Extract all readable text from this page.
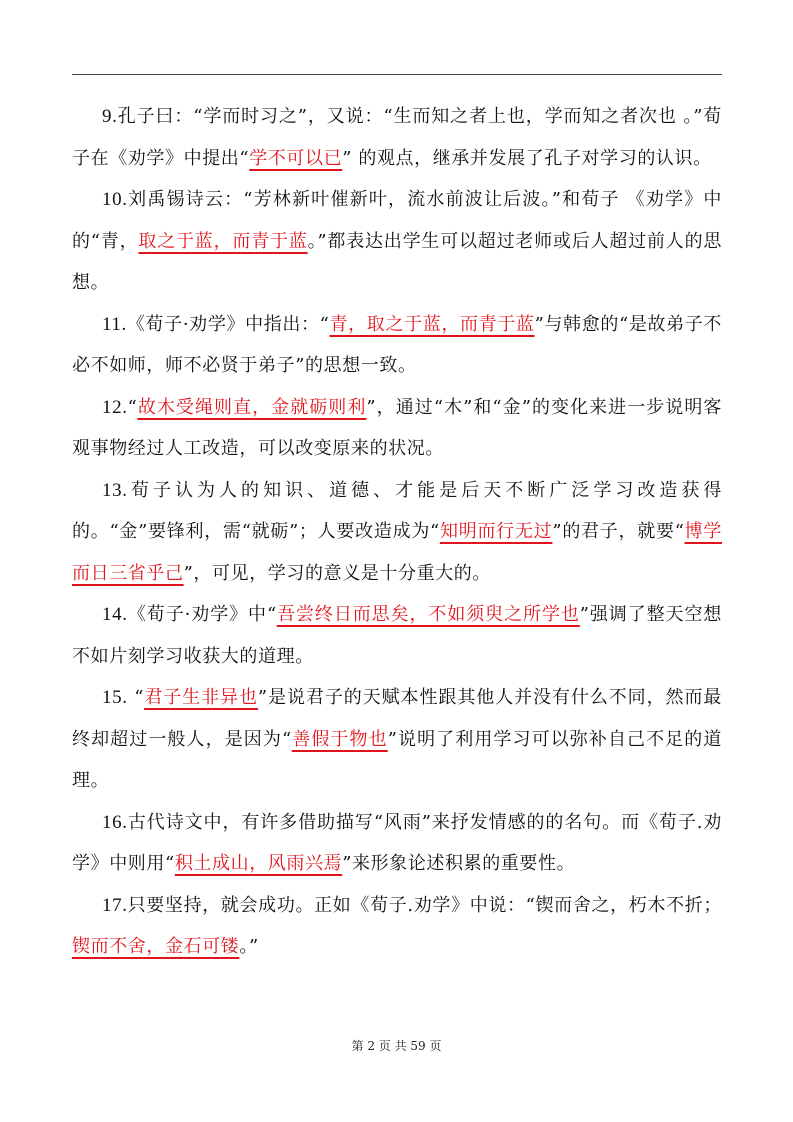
9.孔子曰：“学而时习之”，又说：“生而知之者上也，学而知之者次也 。”荀子在《劝学》中提出“学不可以已” 的观点，继承并发展了孔子对学习的认识。

10.刘禹锡诗云：“芳林新叶催新叶，流水前波让后波。”和荀子 《劝学》中的“青，取之于蓝，而青于蓝。”都表达出学生可以超过老师或后人超过前人的思想。

11.《荀子·劝学》中指出：“青，取之于蓝，而青于蓝”与韩愈的“是故弟子不必不如师，师不必贤于弟子”的思想一致。

12.“故木受绳则直，金就砺则利”，通过“木”和“金”的变化来进一步说明客观事物经过人工改造，可以改变原来的状况。

13.荀子认为人的知识、道德、才能是后天不断广泛学习改造获得的。“金”要锋利，需“就砺”；人要改造成为“知明而行无过”的君子，就要“博学而日三省乎己”，可见，学习的意义是十分重大的。

14.《荀子·劝学》中“吾尝终日而思矣，不如须臾之所学也”强调了整天空想不如片刻学习收获大的道理。

15. “君子生非异也”是说君子的天赋本性跟其他人并没有什么不同，然而最终却超过一般人，是因为“善假于物也”说明了利用学习可以弥补自己不足的道理。

16.古代诗文中，有许多借助描写“风雨”来抒发情感的的名句。而《荀子.劝学》中则用“积土成山，风雨兴焉”来形象论述积累的重要性。

17.只要坚持，就会成功。正如《荀子.劝学》中说：“锲而舍之，朽木不折；锲而不舍，金石可镂。”

第 2 页 共 59 页
